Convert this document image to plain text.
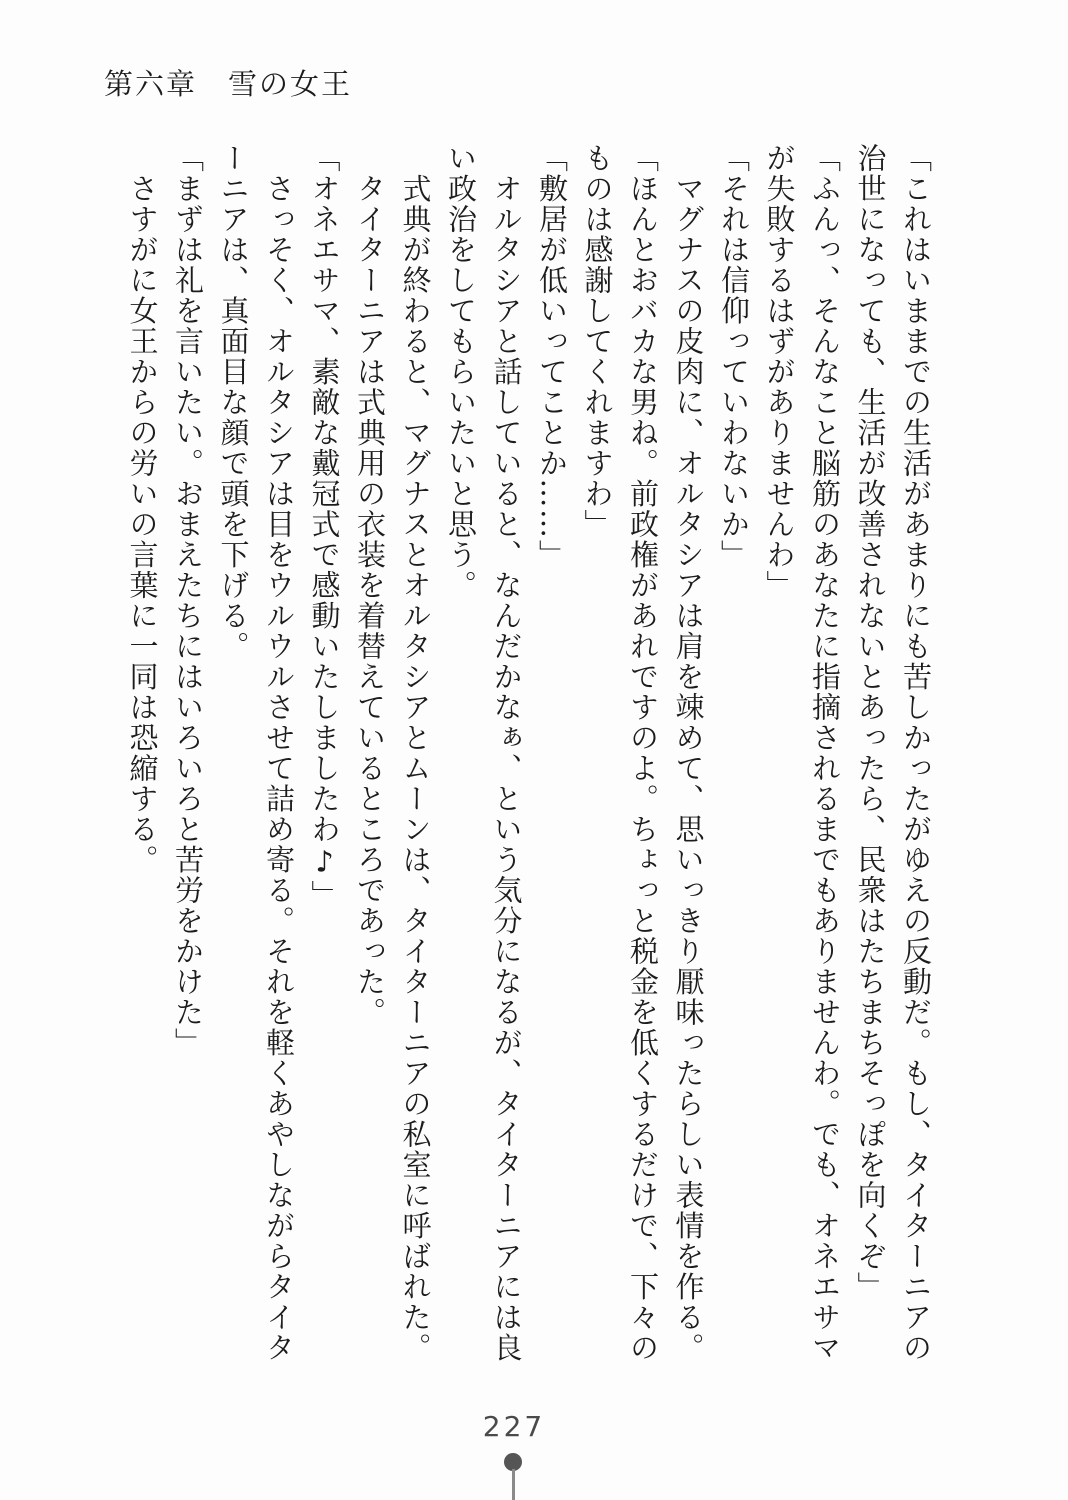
第六章　雪の女王

「これはいままでの生活があまりにも苦しかったがゆえの反動だ。もし、タイターニアの

治世になっても、生活が改善されないとあったら、民衆はたちまちそっぽを向くぞ」

「ふんっ、そんなこと脳筋のあなたに指摘されるまでもありませんわ。でも、オネエサマ

が失敗するはずがありませんわ」

「それは信仰っていわないか」

　マグナスの皮肉に、オルタシアは肩を竦めて、思いっきり厭味ったらしい表情を作る。

「ほんとおバカな男ね。前政権があれですのよ。ちょっと税金を低くするだけで、下々の

ものは感謝してくれますわ」

「敷居が低いってことか……」

　オルタシアと話していると、なんだかなぁ、という気分になるが、タイターニアには良

い政治をしてもらいたいと思う。

　式典が終わると、マグナスとオルタシアとムーンは、タイターニアの私室に呼ばれた。

　タイターニアは式典用の衣装を着替えているところであった。

「オネエサマ、素敵な戴冠式で感動いたしましたわ♪」

　さっそく、オルタシアは目をウルウルさせて詰め寄る。それを軽くあやしながらタイタ

ーニアは、真面目な顔で頭を下げる。

「まずは礼を言いたい。おまえたちにはいろいろと苦労をかけた」

　さすがに女王からの労いの言葉に一同は恐縮する。

227
